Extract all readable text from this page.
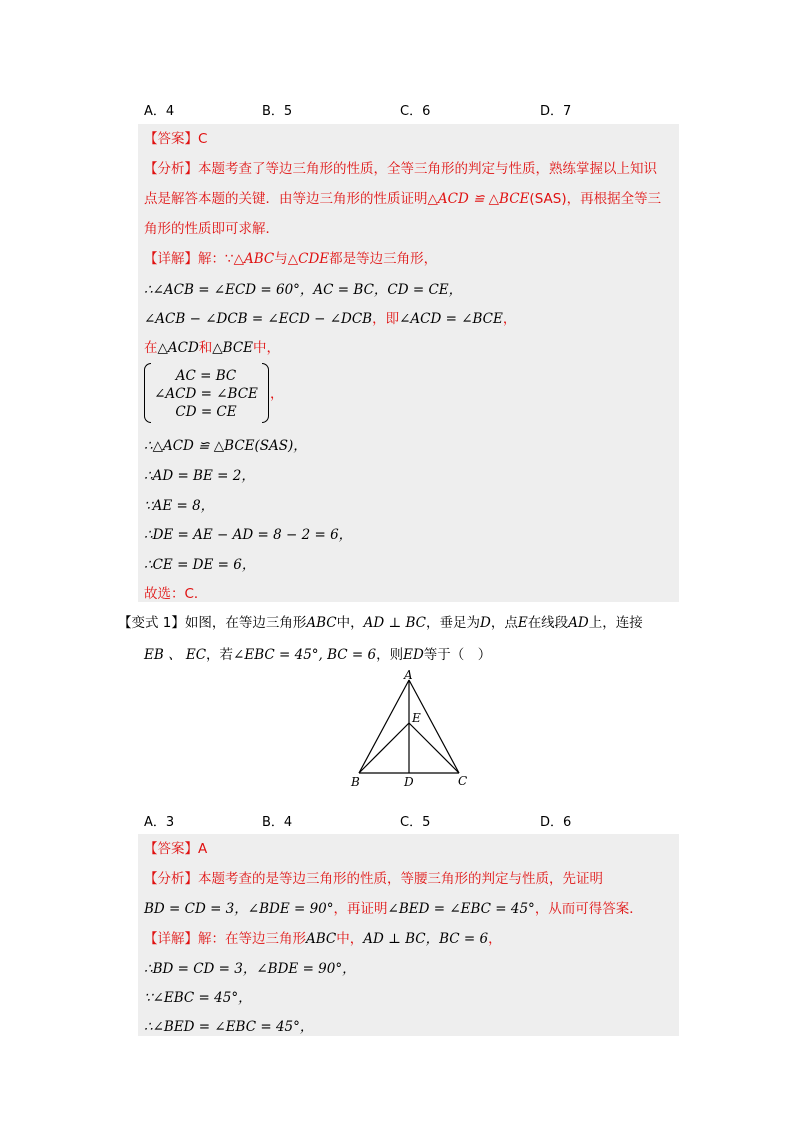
A．4	B．5	C．6	D．7
【答案】C
【分析】本题考查了等边三角形的性质，全等三角形的判定与性质，熟练掌握以上知识
点是解答本题的关键．由等边三角形的性质证明△ACD ≌ △BCE(SAS)，再根据全等三
角形的性质即可求解．
【详解】解：∵△ABC与△CDE都是等边三角形，
∴∠ACB = ∠ECD = 60°，AC = BC，CD = CE，
∠ACB − ∠DCB = ∠ECD − ∠DCB，即∠ACD = ∠BCE，
在△ACD和△BCE中，
AC = BC
∠ACD = ∠BCE
CD = CE
，
∴△ACD ≌ △BCE(SAS)，
∴AD = BE = 2，
∵AE = 8，
∴DE = AE − AD = 8 − 2 = 6，
∴CE = DE = 6，
故选：C．
【变式 1】如图，在等边三角形ABC中，AD ⊥ BC，垂足为D，点E在线段AD上，连接
EB 、 EC，若∠EBC = 45°, BC = 6，则ED等于（　）
A
E
B	D	C
A．3	B．4	C．5	D．6
【答案】A
【分析】本题考查的是等边三角形的性质，等腰三角形的判定与性质，先证明
BD = CD = 3，∠BDE = 90°，再证明∠BED = ∠EBC = 45°，从而可得答案．
【详解】解：在等边三角形ABC中，AD ⊥ BC，BC = 6，
∴BD = CD = 3，∠BDE = 90°，
∵∠EBC = 45°，
∴∠BED = ∠EBC = 45°，
